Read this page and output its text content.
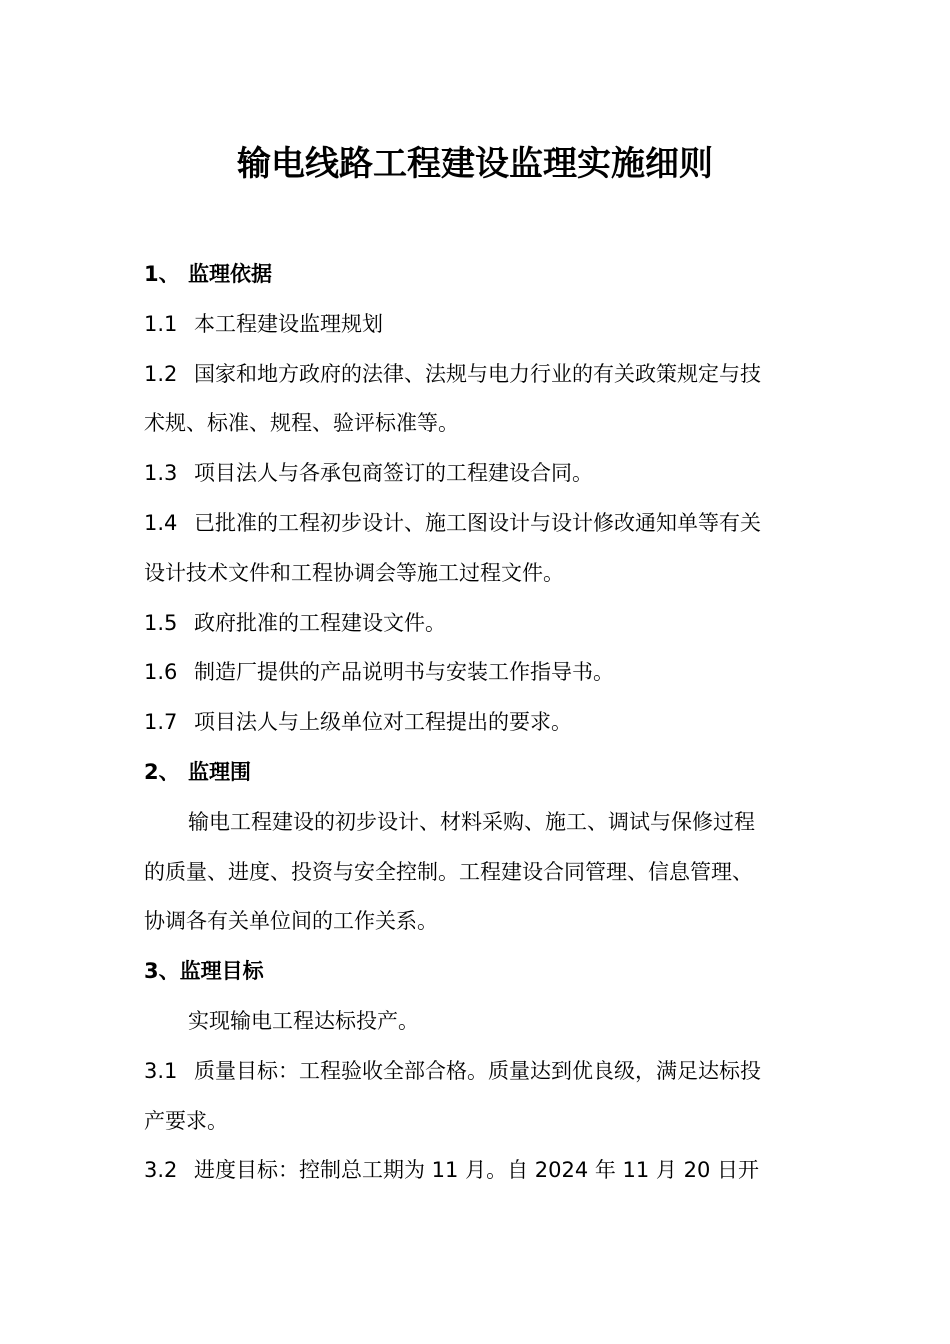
输电线路工程建设监理实施细则
1、 监理依据
1.1 本工程建设监理规划
1.2 国家和地方政府的法律、法规与电力行业的有关政策规定与技
术规、标准、规程、验评标准等。
1.3 项目法人与各承包商签订的工程建设合同。
1.4 已批准的工程初步设计、施工图设计与设计修改通知单等有关
设计技术文件和工程协调会等施工过程文件。
1.5 政府批准的工程建设文件。
1.6 制造厂提供的产品说明书与安装工作指导书。
1.7 项目法人与上级单位对工程提出的要求。
2、 监理围
输电工程建设的初步设计、材料采购、施工、调试与保修过程
的质量、进度、投资与安全控制。工程建设合同管理、信息管理、
协调各有关单位间的工作关系。
3、监理目标
实现输电工程达标投产。
3.1 质量目标：工程验收全部合格。质量达到优良级，满足达标投
产要求。
3.2 进度目标：控制总工期为 11 月。自 2024 年 11 月 20 日开
